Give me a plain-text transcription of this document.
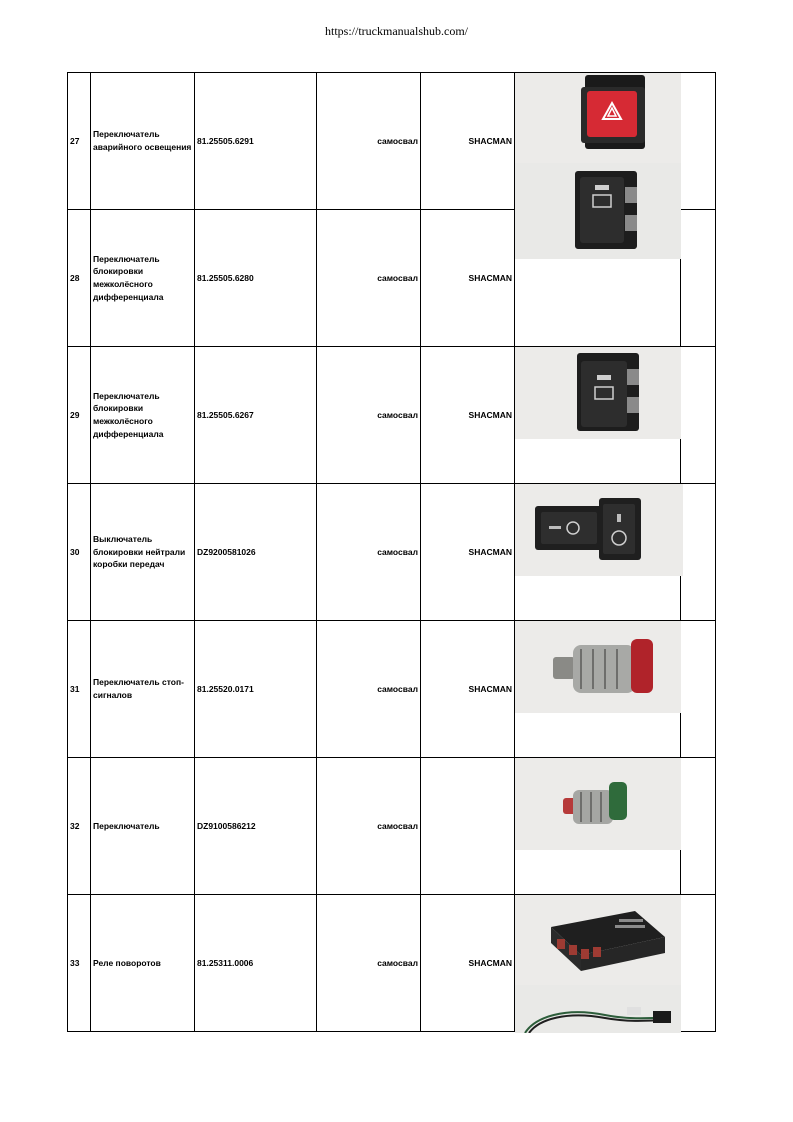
https://truckmanualshub.com/
27	Переключатель аварийного освещения	81.25505.6291	самосвал	SHACMAN	

28	Переключатель блокировки межколёсного дифференциала	81.25505.6280	самосвал	SHACMAN		
29	Переключатель блокировки межколёсного дифференциала	81.25505.6267	самосвал	SHACMAN	

30	Выключатель блокировки нейтрали коробки передач	DZ9200581026	самосвал	SHACMAN	

31	Переключатель стоп-сигналов	81.25520.0171	самосвал	SHACMAN	

32	Переключатель	DZ9100586212	самосвал		

33	Реле поворотов	81.25311.0006	самосвал	SHACMAN	
